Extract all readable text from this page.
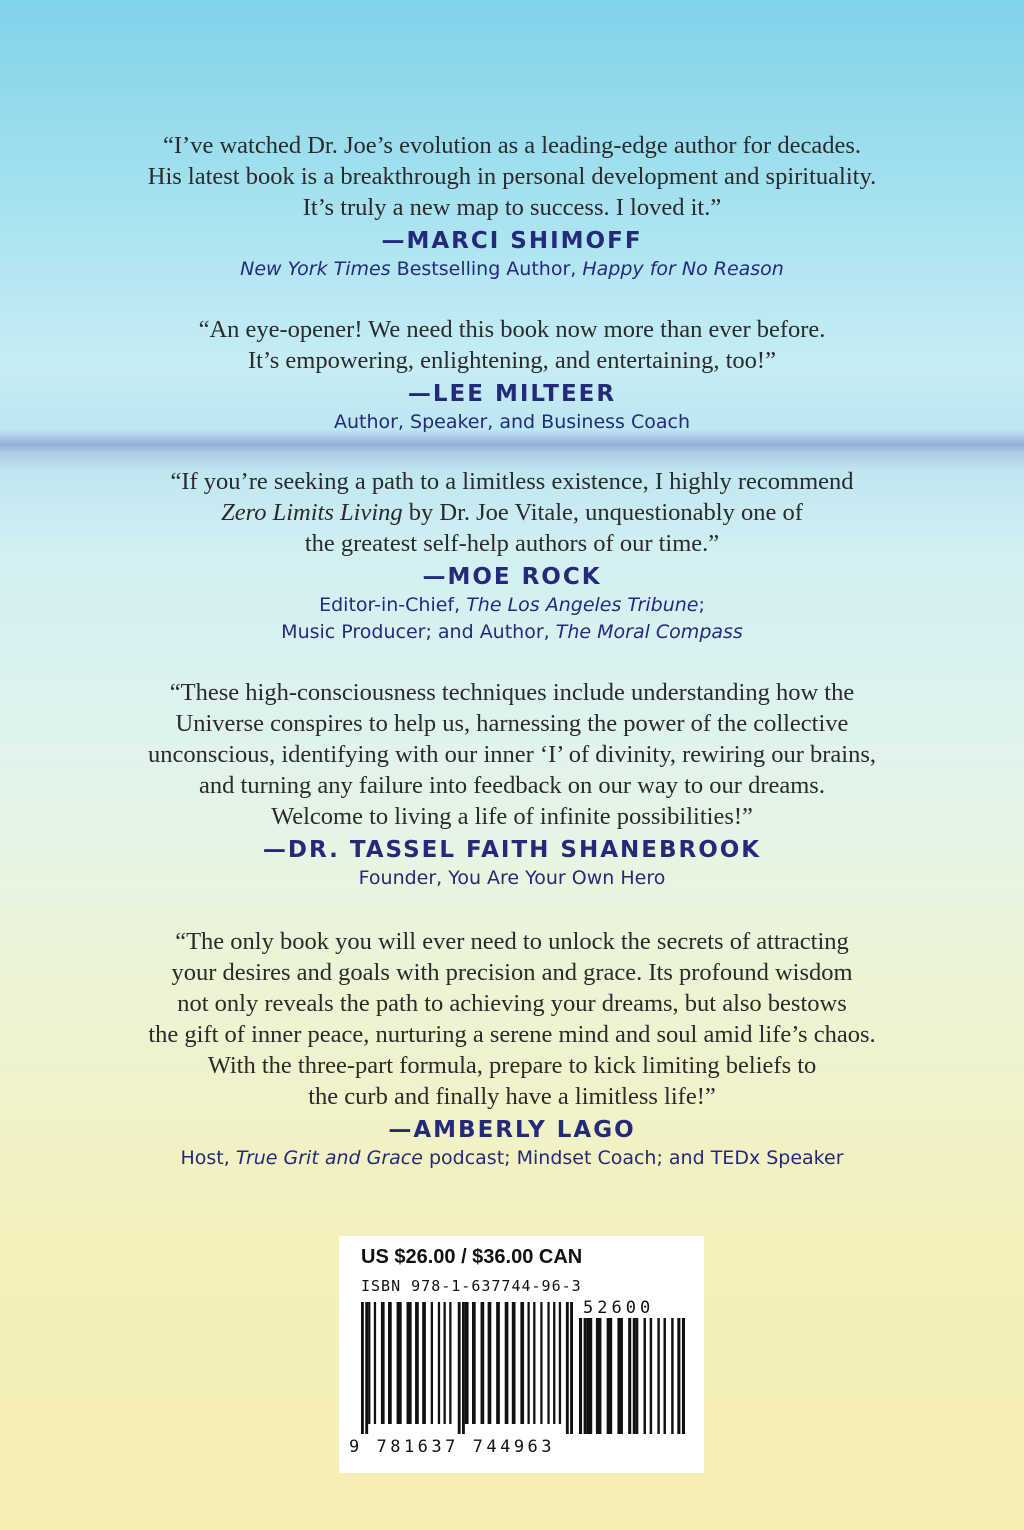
“I’ve watched Dr. Joe’s evolution as a leading-edge author for decades.
His latest book is a breakthrough in personal development and spirituality.
It’s truly a new map to success. I loved it.”
—MARCI SHIMOFF
New York Times Bestselling Author, Happy for No Reason
“An eye-opener! We need this book now more than ever before.
It’s empowering, enlightening, and entertaining, too!”
—LEE MILTEER
Author, Speaker, and Business Coach
“If you’re seeking a path to a limitless existence, I highly recommend
Zero Limits Living by Dr. Joe Vitale, unquestionably one of
the greatest self-help authors of our time.”
—MOE ROCK
Editor-in-Chief, The Los Angeles Tribune;
Music Producer; and Author, The Moral Compass
“These high-consciousness techniques include understanding how the
Universe conspires to help us, harnessing the power of the collective
unconscious, identifying with our inner ‘I’ of divinity, rewiring our brains,
and turning any failure into feedback on our way to our dreams.
Welcome to living a life of infinite possibilities!”
—DR. TASSEL FAITH SHANEBROOK
Founder, You Are Your Own Hero
“The only book you will ever need to unlock the secrets of attracting
your desires and goals with precision and grace. Its profound wisdom
not only reveals the path to achieving your dreams, but also bestows
the gift of inner peace, nurturing a serene mind and soul amid life’s chaos.
With the three-part formula, prepare to kick limiting beliefs to
the curb and finally have a limitless life!”
—AMBERLY LAGO
Host, True Grit and Grace podcast; Mindset Coach; and TEDx Speaker
US $26.00 / $36.00 CAN
ISBN 978-1-637744-96-3
52600
9 781637 744963
